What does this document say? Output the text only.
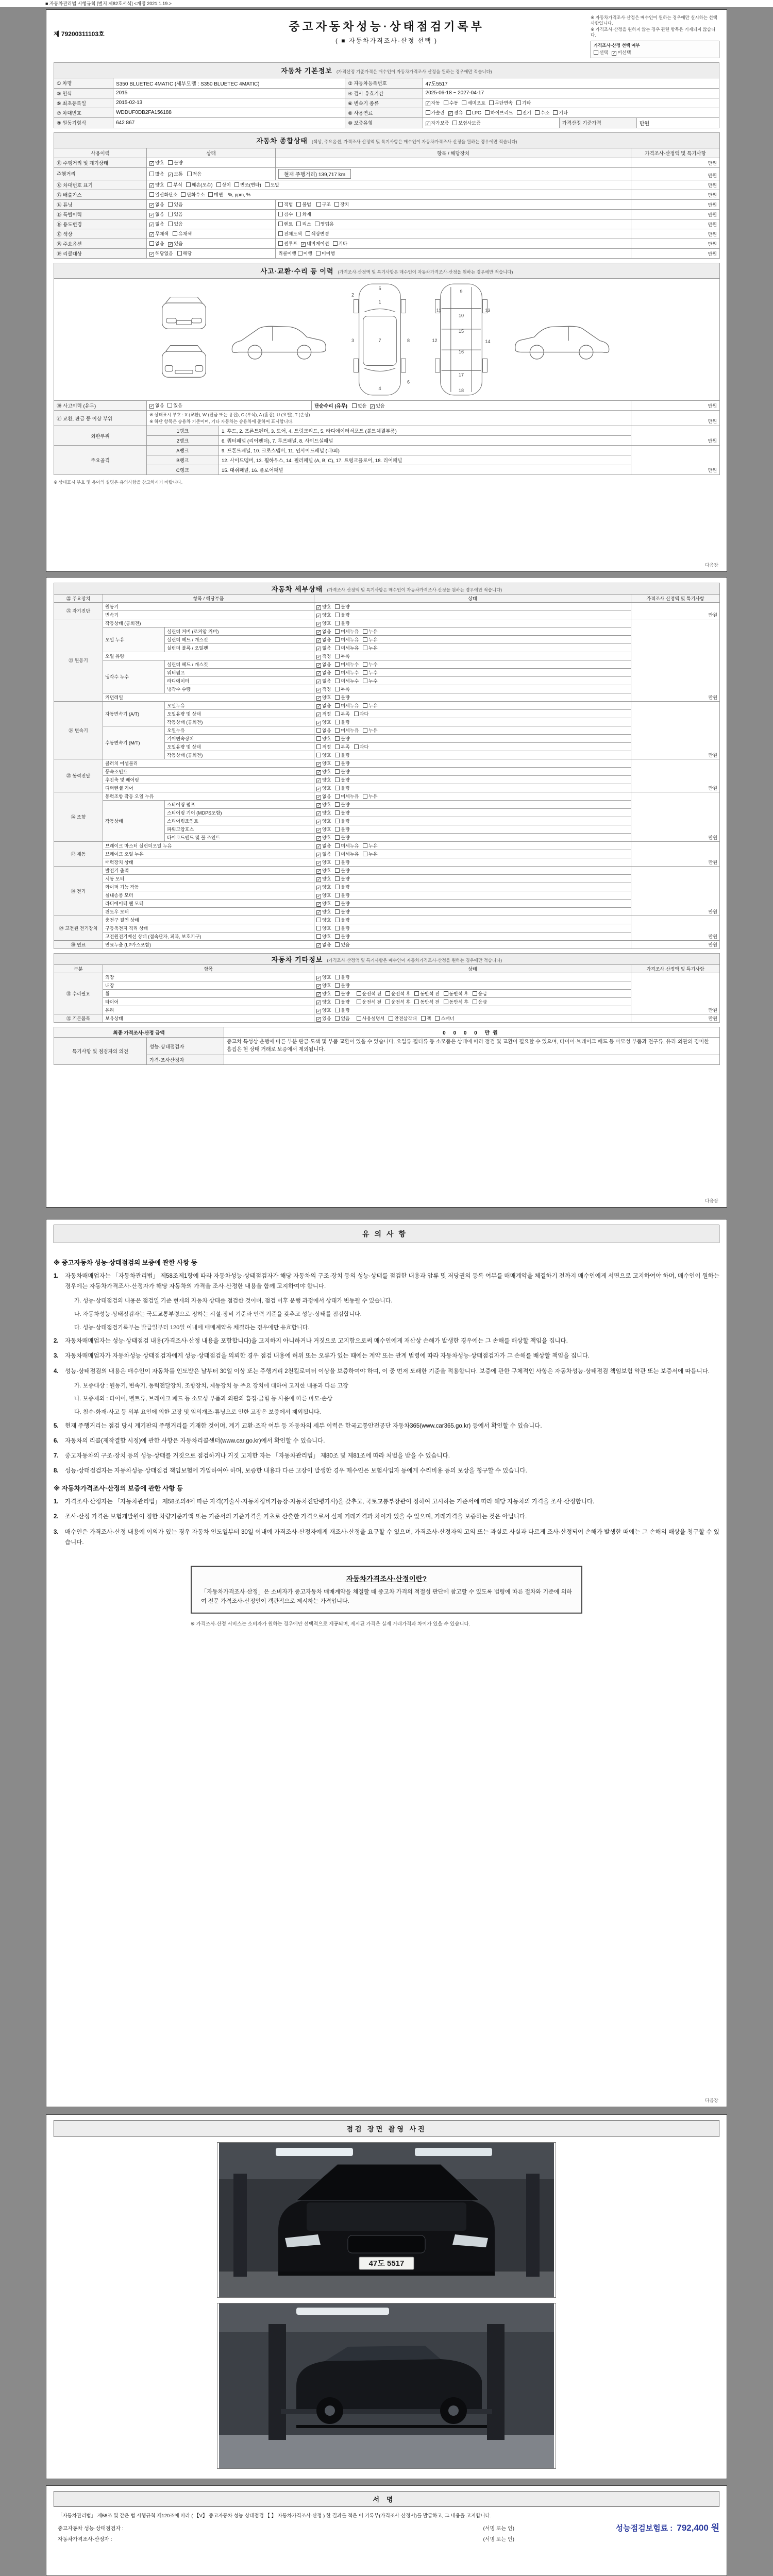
■ 자동차관리법 시행규칙 [별지 제82호서식] <개정 2021.1.19.>
제 79200311103호
중고자동차성능·상태점검기록부
( ■ 자동차가격조사·산정 선택 )
※ 자동차가격조사·산정은 매수인이 원하는 경우에만 실시하는 선택 사항입니다.
※ 가격조사·산정을 원하지 않는 경우 관련 항목은 기재되지 않습니다.
가격조사·산정 선택 여부
선택 ✓ 미선택
자동차 기본정보 (가격산정 기준가격은 매수인이 자동차가격조사·산정을 원하는 경우에만 적습니다)					
① 차명	S350 BLUETEC 4MATIC (세부모델 : S350 BLUETEC 4MATIC)	② 자동차등록번호	47도5517		
③ 연식	2015	④ 검사 유효기간	2025-06-18 ~ 2027-04-17		
⑤ 최초등록일	2015-02-13	⑥ 변속기 종류	✓ 자동 수동 세미오토 무단변속 기타		
⑦ 차대번호	WDDUF0DB2FA156188	⑧ 사용연료	가솔린 ✓ 경유 LPG 하이브리드 전기 수소 기타		
⑨ 원동기형식	642 867	⑩ 보증유형	✓ 자가보증 보험사보증	가격산정 기준가격	만원
자동차 종합상태 (색상, 주요옵션, 가격조사·산정액 및 특기사항은 매수인이 자동차가격조사·산정을 원하는 경우에만 적습니다)			
사용이력	상태	항목 / 해당장치	가격조사·산정액 및 특기사항
⑪ 주행거리 및 계기상태	✓ 양호 불량		만원
주행거리	많음 ✓ 보통 적음	현재 주행거리) 139,717 km	만원
⑫ 차대번호 표기	✓ 양호 부식 훼손(오손) 상이 변조(변타) 도말		만원
⑬ 배출가스	일산화탄소 탄화수소 매연 %, ppm, %		만원
⑭ 튜닝	✓ 없음 있음	적법 불법 구조 장치	만원
⑮ 특별이력	✓ 없음 있음	침수 화재	만원
⑯ 용도변경	✓ 없음 있음	렌트 리스 영업용	만원
⑰ 색상	✓ 무채색 유채색	전체도색 색상변경	만원
⑱ 주요옵션	없음 ✓ 있음	썬루프 ✓ 네비게이션 기타	만원
⑲ 리콜대상	✓ 해당없음 해당	리콜이행 이행 미이행	만원
사고·교환·수리 등 이력 (가격조사·산정액 및 특기사항은 매수인이 자동차가격조사·산정을 원하는 경우에만 적습니다)				

1
2
3
4
5
6
7	8
9
10
11
12
13
14
15
16
17
18

⑳ 사고이력 (유무)	✓ 없음 있음		단순수리 (유무) 없음 ✓ 있음	만원
㉑ 교환, 판금 등 이상 부위	※ 상태표시 부호 : X (교환), W (판금 또는 용접), C (부식), A (흠집), U (요철), T (손상)
※ 하단 항목은 승용차 기준이며, 기타 자동차는 승용차에 준하여 표시합니다.			만원
외판부위	1랭크	1. 후드, 2. 프론트펜더, 3. 도어, 4. 트렁크리드, 5. 라디에이터서포트 (볼트체결부품)		만원
	2랭크	6. 쿼터패널 (리어펜더), 7. 루프패널, 8. 사이드실패널		
주요골격	A랭크	9. 프론트패널, 10. 크로스멤버, 11. 인사이드패널 (내/외)		만원
	B랭크	12. 사이드멤버, 13. 휠하우스, 14. 필러패널 (A, B, C), 17. 트렁크플로어, 18. 리어패널		
	C랭크	15. 대쉬패널, 16. 플로어패널		
※ 상태표시 부호 및 용어의 설명은 유의사항을 참고하시기 바랍니다.
다음장
자동차 세부상태 (가격조사·산정액 및 특기사항은 매수인이 자동차가격조사·산정을 원하는 경우에만 적습니다)				
㉒ 주요장치	항목 / 해당부품		상태	가격조사·산정액 및 특기사항
㉒ 자기진단	원동기		✓ 양호 불량	만원
	변속기		✓ 양호 불량	
㉓ 원동기	작동상태 (공회전)		✓ 양호 불량	만원
	오일 누유	실린더 커버 (로커암 커버)	✓ 없음 미세누유 누유	
		실린더 헤드 / 개스킷	✓ 없음 미세누유 누유	
		실린더 블록 / 오일팬	✓ 없음 미세누유 누유	
	오일 유량		✓ 적정 부족	
	냉각수 누수	실린더 헤드 / 개스킷	✓ 없음 미세누수 누수	
		워터펌프	✓ 없음 미세누수 누수	
		라디에이터	✓ 없음 미세누수 누수	
		냉각수 수량	✓ 적정 부족	
	커먼레일		✓ 양호 불량	
㉔ 변속기	자동변속기 (A/T)	오일누유	✓ 없음 미세누유 누유	만원
		오일유량 및 상태	✓ 적정 부족 과다	
		작동상태 (공회전)	✓ 양호 불량	
	수동변속기 (M/T)	오일누유	없음 미세누유 누유	
		기어변속장치	양호 불량	
		오일유량 및 상태	적정 부족 과다	
		작동상태 (공회전)	양호 불량	
㉕ 동력전달	클러치 어셈블리		✓ 양호 불량	만원
	등속조인트		✓ 양호 불량	
	추진축 및 베어링		✓ 양호 불량	
	디퍼렌셜 기어		✓ 양호 불량	
㉖ 조향	동력조향 작동 오일 누유		✓ 없음 미세누유 누유	만원
	작동상태	스티어링 펌프	✓ 양호 불량	
		스티어링 기어 (MDPS포함)	✓ 양호 불량	
		스티어링조인트	✓ 양호 불량	
		파워고압호스	✓ 양호 불량	
		타이로드엔드 및 볼 조인트	✓ 양호 불량	
㉗ 제동	브레이크 마스터 실린더오일 누유		✓ 없음 미세누유 누유	만원
	브레이크 오일 누유		✓ 없음 미세누유 누유	
	배력장치 상태		✓ 양호 불량	
㉘ 전기	발전기 출력		✓ 양호 불량	만원
	시동 모터		✓ 양호 불량	
	와이퍼 기능 작동		✓ 양호 불량	
	실내송풍 모터		✓ 양호 불량	
	라디에이터 팬 모터		✓ 양호 불량	
	윈도우 모터		✓ 양호 불량	
㉙ 고전원 전기장치	충전구 절연 상태		양호 불량	만원
	구동축전지 격리 상태		양호 불량	
	고전원전기배선 상태 (접속단자, 피복, 보호기구)		양호 불량	
㉚ 연료	연료누출 (LP가스포함)		✓ 없음 있음	만원
자동차 기타정보 (가격조사·산정액 및 특기사항은 매수인이 자동차가격조사·산정을 원하는 경우에만 적습니다)			
구분	항목	상태	가격조사·산정액 및 특기사항
㉛ 수리필요	외장	✓ 양호 불량	만원
	내장	✓ 양호 불량	
	휠	✓ 양호 불량 운전석 전 운전석 후 동반석 전 동반석 후 응급	
	타이어	✓ 양호 불량 운전석 전 운전석 후 동반석 전 동반석 후 응급	
	유리	✓ 양호 불량	
㉜ 기본품목	보유상태	✓ 있음 없음 사용설명서 안전삼각대 잭 스패너	만원
최종 가격조사·산정 금액		0 0 0 0 만원
특기사항 및 점검자의 의견	성능·상태점검자	중고차 특성상 운행에 따른 부분 판금·도색 및 부품 교환이 있을 수 있습니다. 오일류·필터류 등 소모품은 상태에 따라 점검 및 교환이 필요할 수 있으며, 타이어·브레이크 패드 등 마모성 부품과 전구류, 유리·외관의 경미한 흠집은 현 상태 거래로 보증에서 제외됩니다.
	가격·조사산정자	
다음장
유의사항
※ 중고자동차 성능·상태점검의 보증에 관한 사항 등
1.	자동차매매업자는 「자동차관리법」 제58조제1항에 따라 자동차성능·상태점검자가 해당 자동차의 구조·장치 등의 성능·상태를 점검한 내용과 압류 및 저당권의 등록 여부를 매매계약을 체결하기 전까지 매수인에게 서면으로 고지하여야 하며, 매수인이 원하는 경우에는 자동차가격조사·산정자가 해당 자동차의 가격을 조사·산정한 내용을 함께 고지하여야 합니다.
가. 성능·상태점검의 내용은 점검일 기준 현재의 자동차 상태를 점검한 것이며, 점검 이후 운행 과정에서 상태가 변동될 수 있습니다.
나. 자동차성능·상태점검자는 국토교통부령으로 정하는 시설·장비 기준과 인력 기준을 갖추고 성능·상태를 점검합니다.
다. 성능·상태점검기록부는 발급일부터 120일 이내에 매매계약을 체결하는 경우에만 유효합니다.
2.	자동차매매업자는 성능·상태점검 내용(가격조사·산정 내용을 포함합니다)을 고지하지 아니하거나 거짓으로 고지함으로써 매수인에게 재산상 손해가 발생한 경우에는 그 손해를 배상할 책임을 집니다.
3.	자동차매매업자가 자동차성능·상태점검자에게 성능·상태점검을 의뢰한 경우 점검 내용에 허위 또는 오류가 있는 때에는 계약 또는 관계 법령에 따라 자동차성능·상태점검자가 그 손해를 배상할 책임을 집니다.
4.	성능·상태점검의 내용은 매수인이 자동차를 인도받은 날부터 30일 이상 또는 주행거리 2천킬로미터 이상을 보증하여야 하며, 이 중 먼저 도래한 기준을 적용합니다. 보증에 관한 구체적인 사항은 자동차성능·상태점검 책임보험 약관 또는 보증서에 따릅니다.
가. 보증대상 : 원동기, 변속기, 동력전달장치, 조향장치, 제동장치 등 주요 장치에 대하여 고지한 내용과 다른 고장
나. 보증제외 : 타이어, 벨트류, 브레이크 패드 등 소모성 부품과 외관의 흠집·긁힘 등 사용에 따른 마모·손상
다. 침수·화재·사고 등 외부 요인에 의한 고장 및 임의개조·튜닝으로 인한 고장은 보증에서 제외됩니다.
5.	현재 주행거리는 점검 당시 계기판의 주행거리를 기재한 것이며, 계기 교환·조작 여부 등 자동차의 세부 이력은 한국교통안전공단 자동차365(www.car365.go.kr) 등에서 확인할 수 있습니다.
6.	자동차의 리콜(제작결함 시정)에 관한 사항은 자동차리콜센터(www.car.go.kr)에서 확인할 수 있습니다.
7.	중고자동차의 구조·장치 등의 성능·상태를 거짓으로 점검하거나 거짓 고지한 자는 「자동차관리법」 제80조 및 제81조에 따라 처벌을 받을 수 있습니다.
8.	성능·상태점검자는 자동차성능·상태점검 책임보험에 가입하여야 하며, 보증한 내용과 다른 고장이 발생한 경우 매수인은 보험사업자 등에게 수리비용 등의 보상을 청구할 수 있습니다.
※ 자동차가격조사·산정의 보증에 관한 사항 등
1.	가격조사·산정자는 「자동차관리법」 제58조의4에 따른 자격(기술사·자동차정비기능장·자동차진단평가사)을 갖추고, 국토교통부장관이 정하여 고시하는 기준서에 따라 해당 자동차의 가격을 조사·산정합니다.
2.	조사·산정 가격은 보험개발원이 정한 차량기준가액 또는 기준서의 기준가격을 기초로 산출한 가격으로서 실제 거래가격과 차이가 있을 수 있으며, 거래가격을 보증하는 것은 아닙니다.
3.	매수인은 가격조사·산정 내용에 이의가 있는 경우 자동차 인도일부터 30일 이내에 가격조사·산정자에게 재조사·산정을 요구할 수 있으며, 가격조사·산정자의 고의 또는 과실로 사실과 다르게 조사·산정되어 손해가 발생한 때에는 그 손해의 배상을 청구할 수 있습니다.
자동차가격조사·산정이란?
「자동차가격조사·산정」은 소비자가 중고자동차 매매계약을 체결할 때 중고차 가격의 적절성 판단에 참고할 수 있도록 법령에 따른 절차와 기준에 의하여 전문 가격조사·산정인이 객관적으로 제시하는 가격입니다.
※ 가격조사·산정 서비스는 소비자가 원하는 경우에만 선택적으로 제공되며, 제시된 가격은 실제 거래가격과 차이가 있을 수 있습니다.
다음장
점검 장면 촬영 사진
47도 5517
서명
「자동차관리법」 제58조 및 같은 법 시행규칙 제120조에 따라 ( 【V】 중고자동차 성능·상태점검 【 】 자동차가격조사·산정 ) 한 결과를 적은 이 기록부(가격조사·산정서)를 발급하고, 그 내용을 고지합니다.
중고자동차 성능·상태점검자 :	(서명 또는 인)
자동차가격조사·산정자 :	(서명 또는 인)
성능점검보험료 : 792,400 원
